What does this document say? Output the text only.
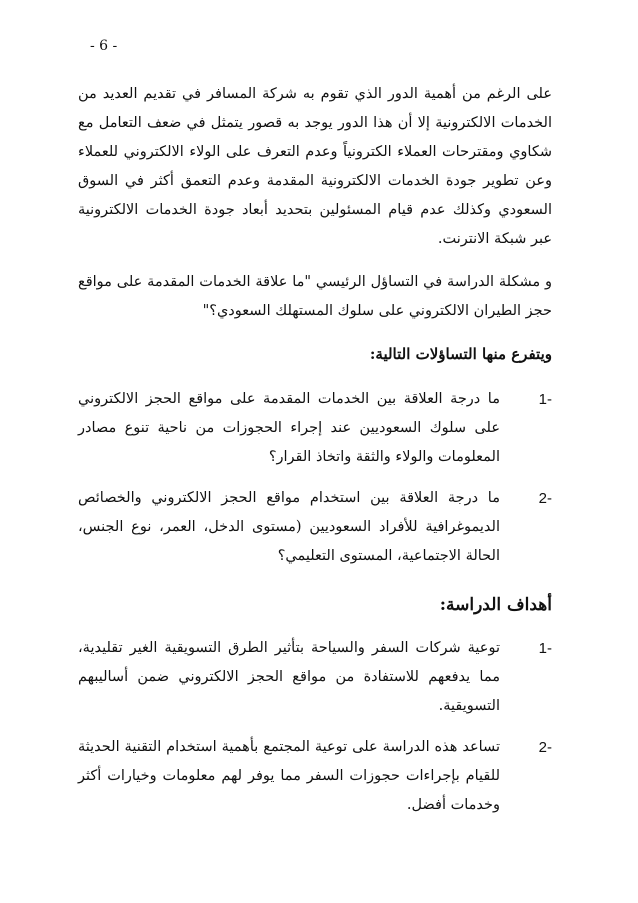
- 6 -

على الرغم من أهمية الدور الذي تقوم به شركة المسافر في تقديم العديد من الخدمات الالكترونية إلا أن هذا الدور يوجد به قصور يتمثل في ضعف التعامل مع شكاوي ومقترحات العملاء الكترونياً وعدم التعرف على الولاء الالكتروني للعملاء وعن تطوير جودة الخدمات الالكترونية المقدمة وعدم التعمق أكثر في السوق السعودي وكذلك عدم قيام المسئولين بتحديد أبعاد جودة الخدمات الالكترونية عبر شبكة الانترنت.

و مشكلة الدراسة في التساؤل الرئيسي "ما علاقة الخدمات المقدمة على مواقع حجز الطيران الالكتروني على سلوك المستهلك السعودي؟"

ويتفرع منها التساؤلات التالية:
-1
ما درجة العلاقة بين الخدمات المقدمة على مواقع الحجز الالكتروني على سلوك السعوديين عند إجراء الحجوزات من ناحية تنوع مصادر المعلومات والولاء والثقة واتخاذ القرار؟
-2
ما درجة العلاقة بين استخدام مواقع الحجز الالكتروني والخصائص الديموغرافية للأفراد السعوديين (مستوى الدخل، العمر، نوع الجنس، الحالة الاجتماعية، المستوى التعليمي؟
أهداف الدراسة:
-1
توعية شركات السفر والسياحة بتأثير الطرق التسويقية الغير تقليدية، مما يدفعهم للاستفادة من مواقع الحجز الالكتروني ضمن أساليبهم التسويقية.
-2
تساعد هذه الدراسة على توعية المجتمع بأهمية استخدام التقنية الحديثة للقيام بإجراءات حجوزات السفر مما يوفر لهم معلومات وخيارات أكثر وخدمات أفضل.
